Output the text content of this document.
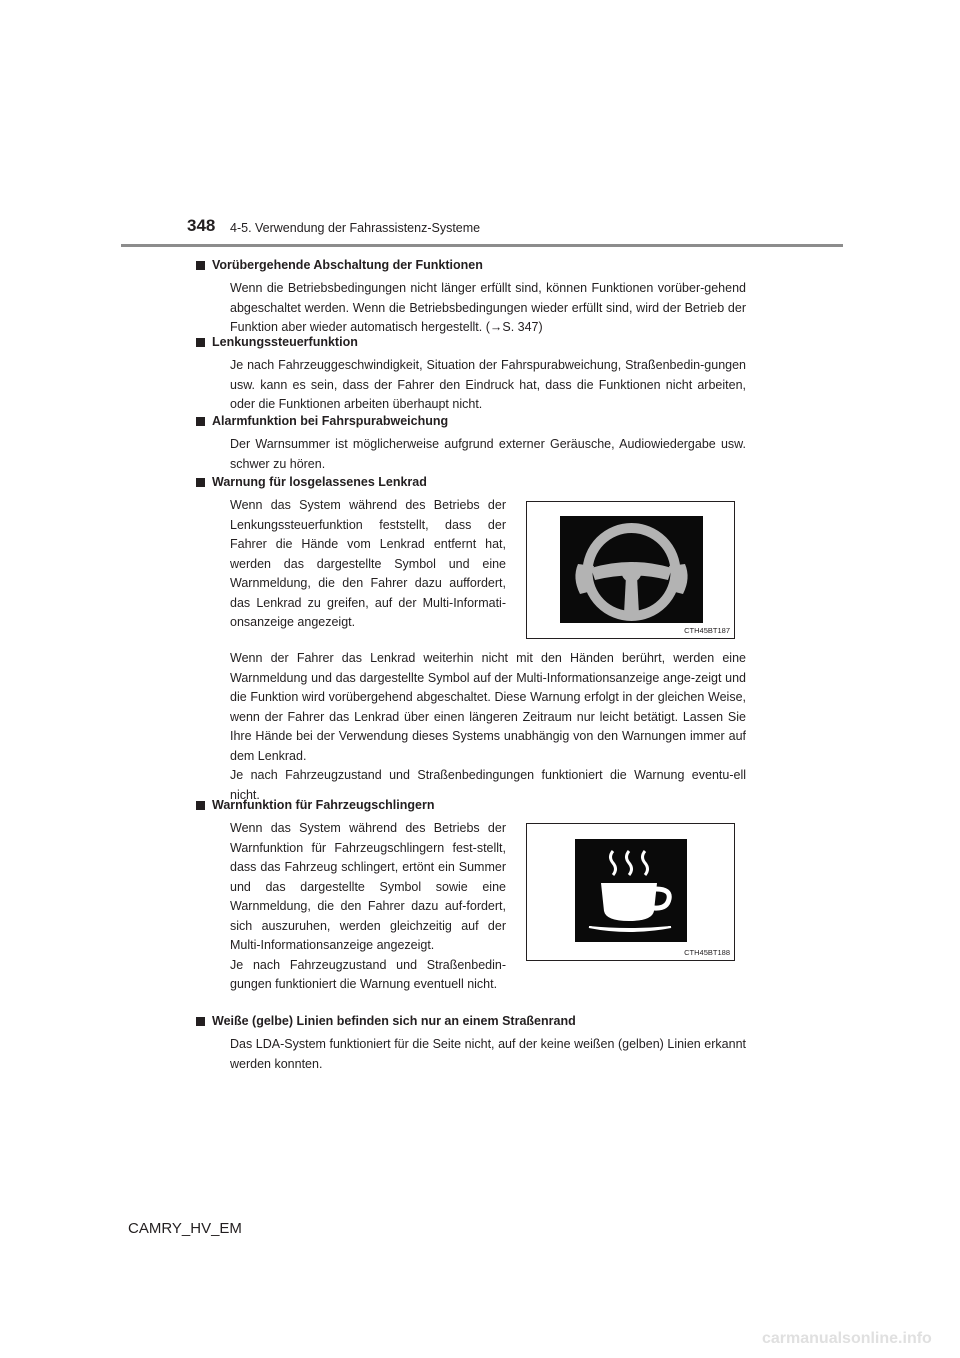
348 4-5. Verwendung der Fahrassistenz-Systeme
Vorübergehende Abschaltung der Funktionen
Wenn die Betriebsbedingungen nicht länger erfüllt sind, können Funktionen vorüber-gehend abgeschaltet werden. Wenn die Betriebsbedingungen wieder erfüllt sind, wird der Betrieb der Funktion aber wieder automatisch hergestellt. (→S. 347)
Lenkungssteuerfunktion
Je nach Fahrzeuggeschwindigkeit, Situation der Fahrspurabweichung, Straßenbedin-gungen usw. kann es sein, dass der Fahrer den Eindruck hat, dass die Funktionen nicht arbeiten, oder die Funktionen arbeiten überhaupt nicht.
Alarmfunktion bei Fahrspurabweichung
Der Warnsummer ist möglicherweise aufgrund externer Geräusche, Audiowiedergabe usw. schwer zu hören.
Warnung für losgelassenes Lenkrad
Wenn das System während des Betriebs der Lenkungssteuerfunktion feststellt, dass der Fahrer die Hände vom Lenkrad entfernt hat, werden das dargestellte Symbol und eine Warnmeldung, die den Fahrer dazu auffordert, das Lenkrad zu greifen, auf der Multi-Informati-onsanzeige angezeigt.
CTH45BT187
Wenn der Fahrer das Lenkrad weiterhin nicht mit den Händen berührt, werden eine Warnmeldung und das dargestellte Symbol auf der Multi-Informationsanzeige ange-zeigt und die Funktion wird vorübergehend abgeschaltet. Diese Warnung erfolgt in der gleichen Weise, wenn der Fahrer das Lenkrad über einen längeren Zeitraum nur leicht betätigt. Lassen Sie Ihre Hände bei der Verwendung dieses Systems unabhängig von den Warnungen immer auf dem Lenkrad.
Je nach Fahrzeugzustand und Straßenbedingungen funktioniert die Warnung eventu-ell nicht.
Warnfunktion für Fahrzeugschlingern
Wenn das System während des Betriebs der Warnfunktion für Fahrzeugschlingern fest-stellt, dass das Fahrzeug schlingert, ertönt ein Summer und das dargestellte Symbol sowie eine Warnmeldung, die den Fahrer dazu auf-fordert, sich auszuruhen, werden gleichzeitig auf der Multi-Informationsanzeige angezeigt.
Je nach Fahrzeugzustand und Straßenbedin-gungen funktioniert die Warnung eventuell nicht.
CTH45BT188
Weiße (gelbe) Linien befinden sich nur an einem Straßenrand
Das LDA-System funktioniert für die Seite nicht, auf der keine weißen (gelben) Linien erkannt werden konnten.
CAMRY_HV_EM
carmanualsonline.info
